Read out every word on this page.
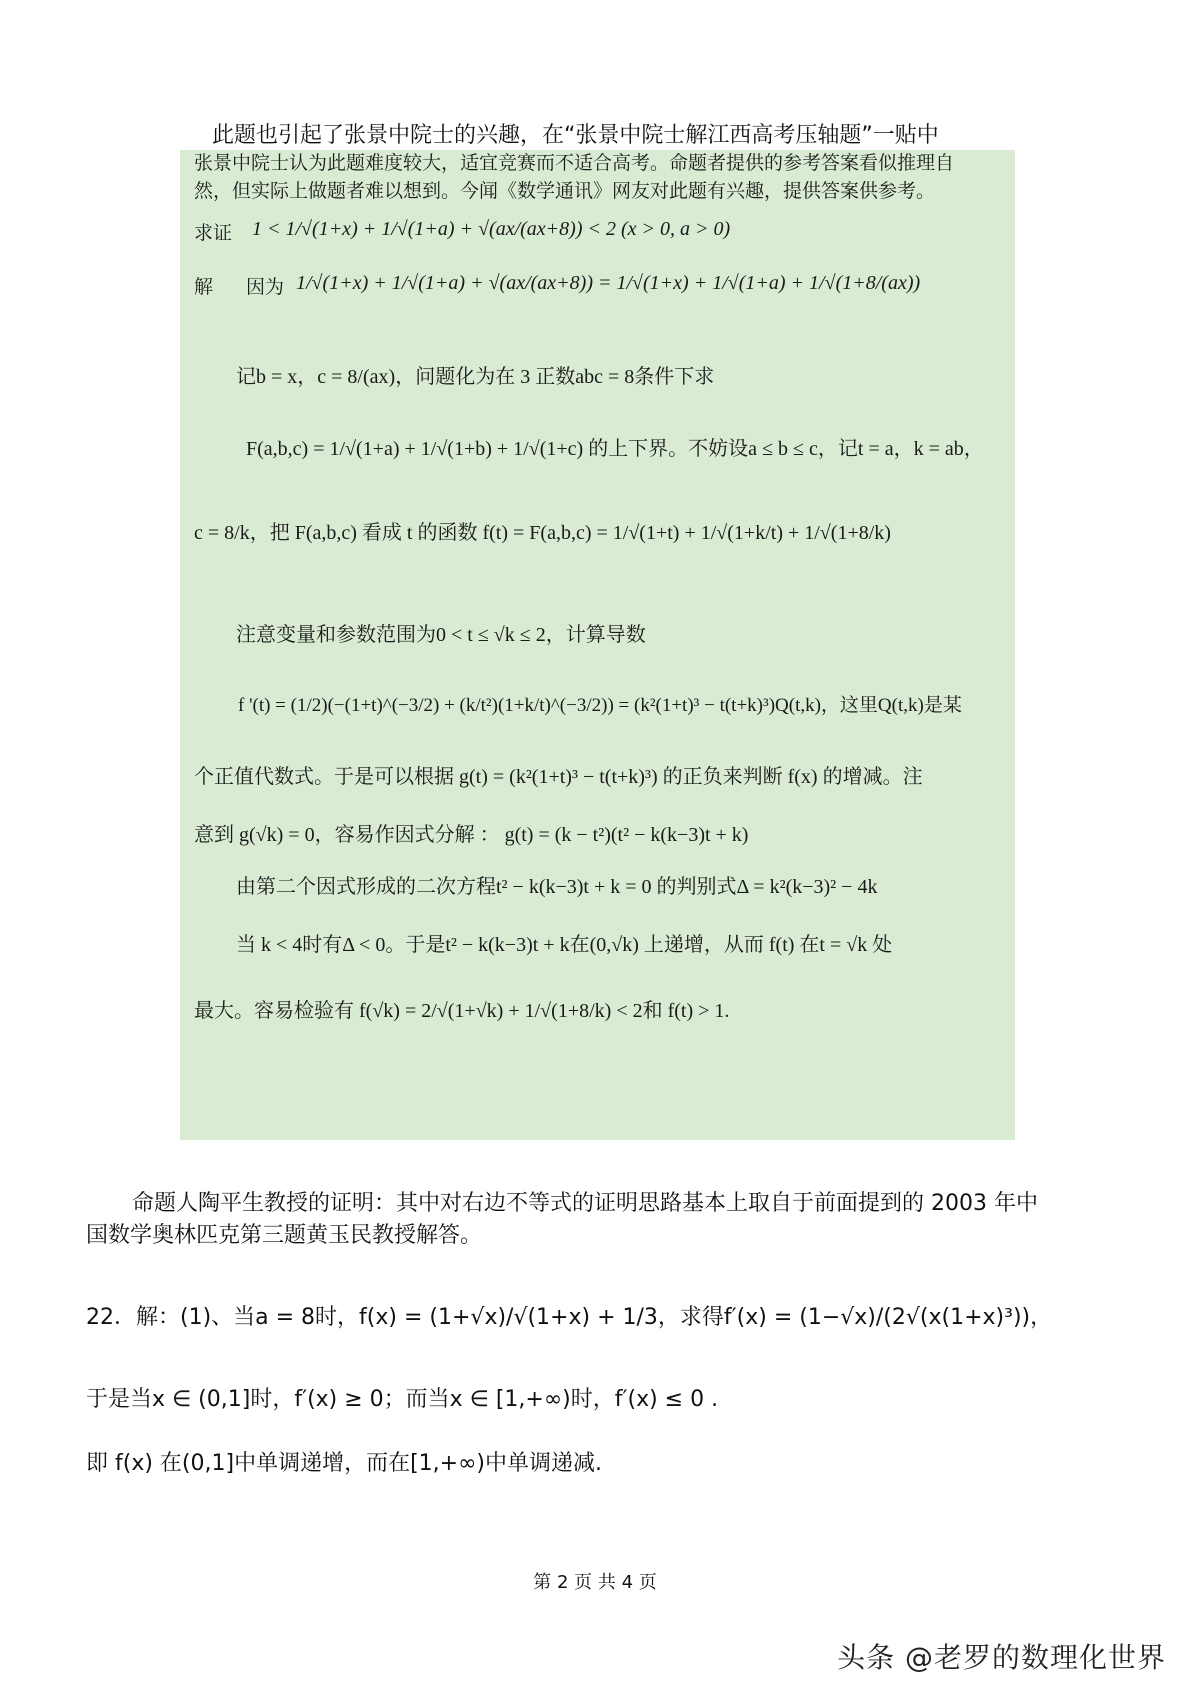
此题也引起了张景中院士的兴趣，在“张景中院士解江西高考压轴题”一贴中
张景中院士认为此题难度较大，适宜竞赛而不适合高考。命题者提供的参考答案看似推理自
然，但实际上做题者难以想到。今闻《数学通讯》网友对此题有兴趣，提供答案供参考。
求证 1 < 1/√(1+x) + 1/√(1+a) + √(ax/(ax+8)) < 2 (x > 0, a > 0)
解 因为 1/√(1+x) + 1/√(1+a) + √(ax/(ax+8)) = 1/√(1+x) + 1/√(1+a) + 1/√(1+8/(ax))
记b = x，c = 8/(ax)，问题化为在 3 正数abc = 8条件下求
F(a,b,c) = 1/√(1+a) + 1/√(1+b) + 1/√(1+c) 的上下界。不妨设a ≤ b ≤ c，记t = a，k = ab，
c = 8/k，把 F(a,b,c) 看成 t 的函数 f(t) = F(a,b,c) = 1/√(1+t) + 1/√(1+k/t) + 1/√(1+8/k)
注意变量和参数范围为0 < t ≤ √k ≤ 2，计算导数
f '(t) = (1/2)(−(1+t)^(−3/2) + (k/t²)(1+k/t)^(−3/2)) = (k²(1+t)³ − t(t+k)³)Q(t,k)，这里Q(t,k)是某
个正值代数式。于是可以根据 g(t) = (k²(1+t)³ − t(t+k)³) 的正负来判断 f(x) 的增减。注
意到 g(√k) = 0，容易作因式分解 ： g(t) = (k − t²)(t² − k(k−3)t + k)
由第二个因式形成的二次方程t² − k(k−3)t + k = 0 的判别式Δ = k²(k−3)² − 4k
当 k < 4时有Δ < 0。于是t² − k(k−3)t + k在(0,√k) 上递增，从而 f(t) 在t = √k 处
最大。容易检验有 f(√k) = 2/√(1+√k) + 1/√(1+8/k) < 2和 f(t) > 1.
命题人陶平生教授的证明：其中对右边不等式的证明思路基本上取自于前面提到的 2003 年中
国数学奥林匹克第三题黄玉民教授解答。
22．解：(1)、当a = 8时，f(x) = (1+√x)/√(1+x) + 1/3，求得f′(x) = (1−√x)/(2√(x(1+x)³))，
于是当x ∈ (0,1]时，f′(x) ≥ 0；而当x ∈ [1,+∞)时，f′(x) ≤ 0 .
即 f(x) 在(0,1]中单调递增，而在[1,+∞)中单调递减.
第 2 页 共 4 页
头条 @老罗的数理化世界
